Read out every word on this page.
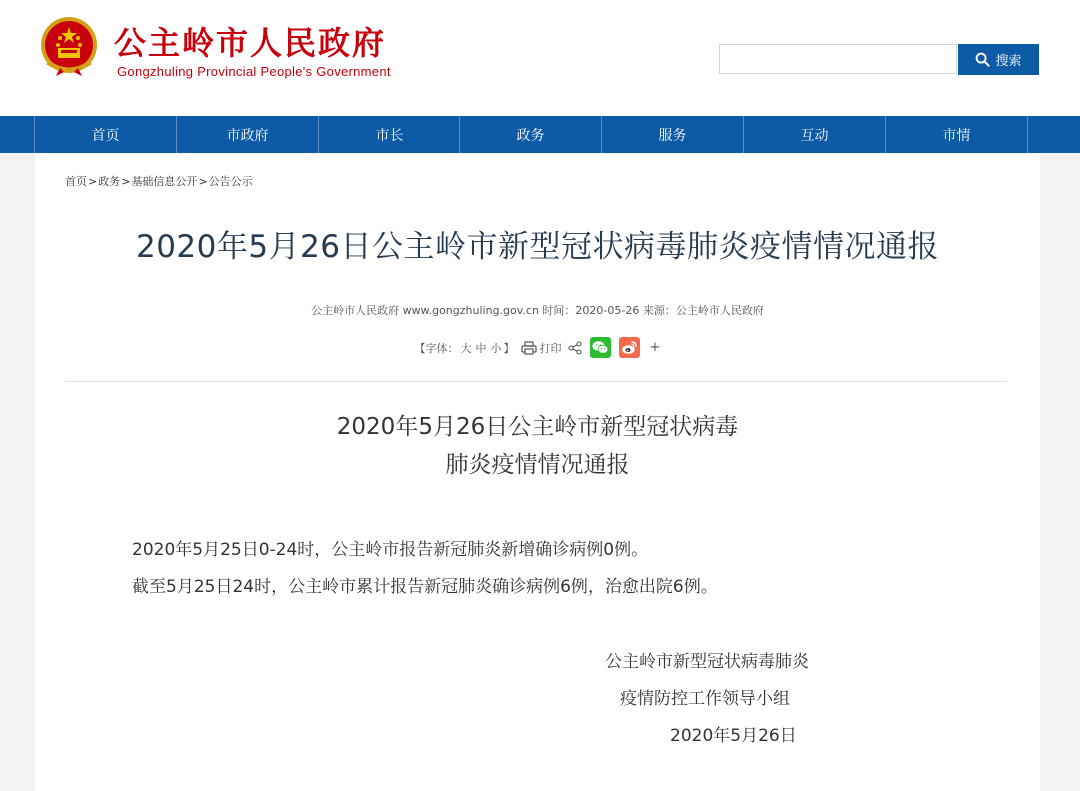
公主岭市人民政府
Gongzhuling Provincial People's Government
搜索
首页	市政府	市长	政务	服务	互动	市情
首页>政务>基础信息公开>公告公示
2020年5月26日公主岭市新型冠状病毒肺炎疫情情况通报
公主岭市人民政府 www.gongzhuling.gov.cn 时间：2020-05-26 来源：公主岭市人民政府
【字体： 大 中 小 】 打印	+
2020年5月26日公主岭市新型冠状病毒
肺炎疫情情况通报
2020年5月25日0-24时，公主岭市报告新冠肺炎新增确诊病例0例。
截至5月25日24时，公主岭市累计报告新冠肺炎确诊病例6例，治愈出院6例。
公主岭市新型冠状病毒肺炎
疫情防控工作领导小组
2020年5月26日
